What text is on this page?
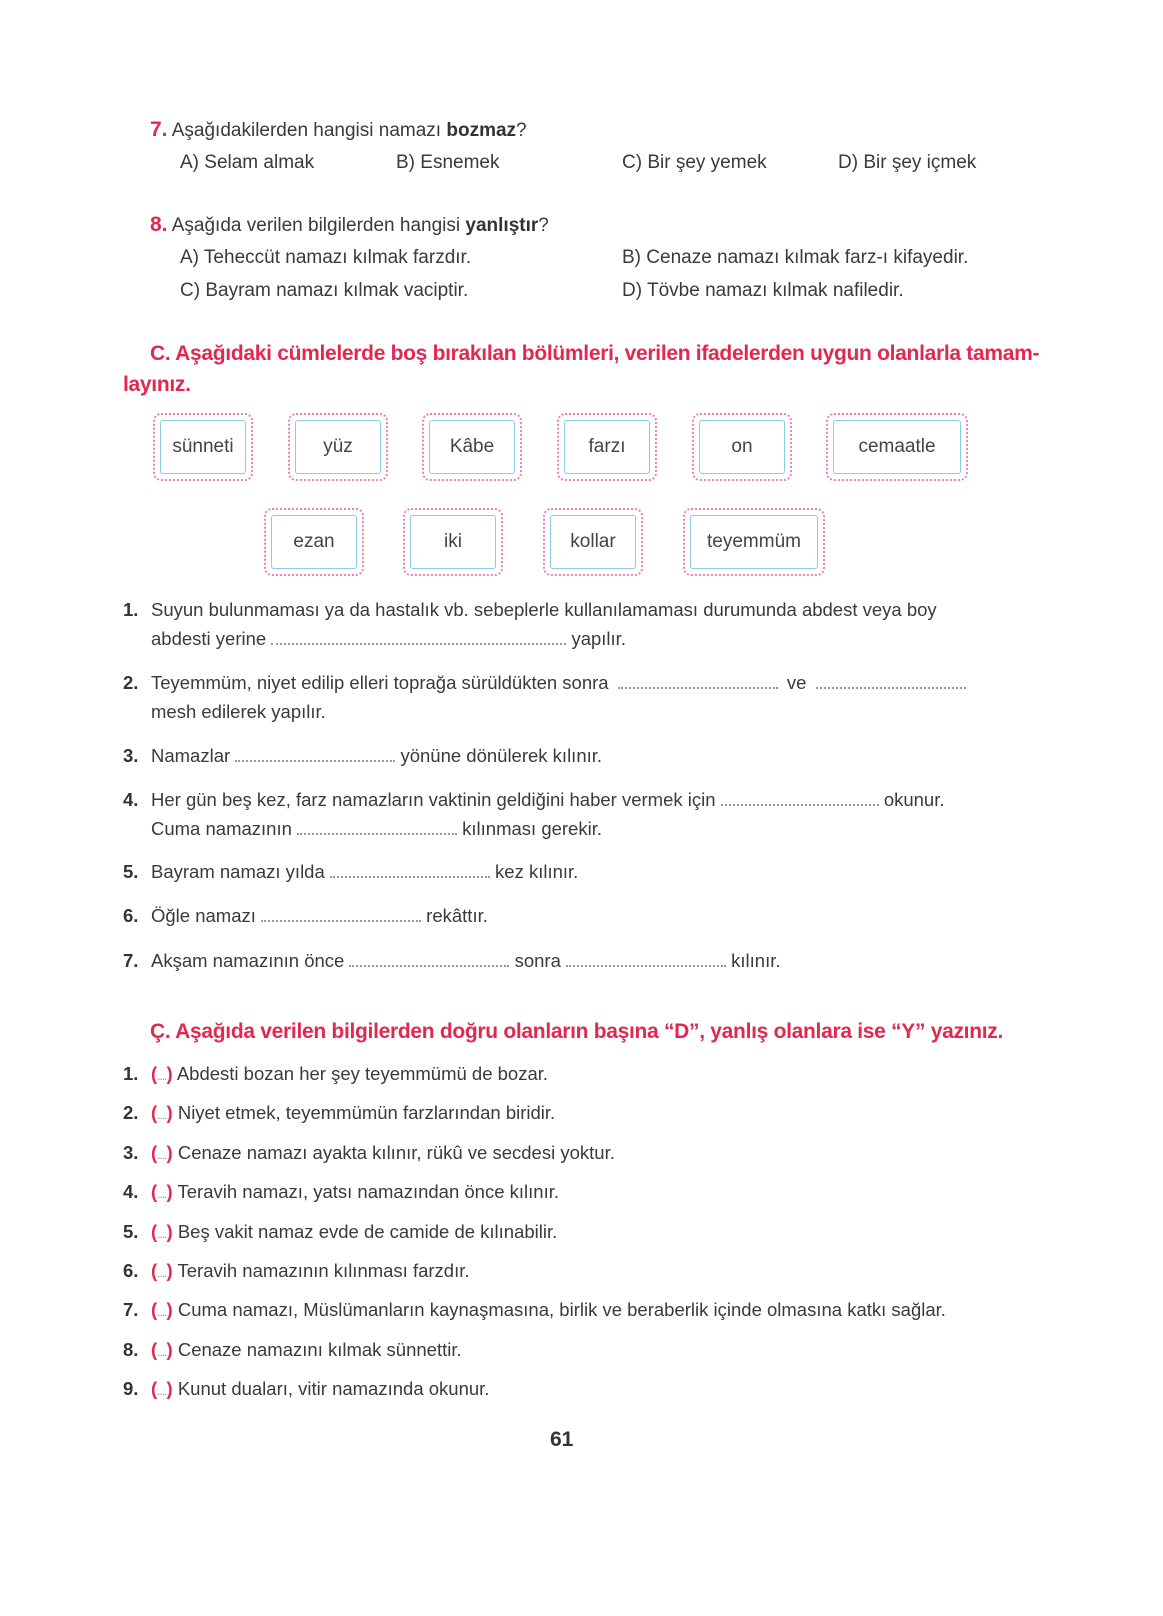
7. Aşağıdakilerden hangisi namazı bozmaz?
A) Selam almak	B) Esnemek	C) Bir şey yemek	D) Bir şey içmek
8. Aşağıda verilen bilgilerden hangisi yanlıştır?
A) Teheccüt namazı kılmak farzdır.	B) Cenaze namazı kılmak farz-ı kifayedir.
C) Bayram namazı kılmak vaciptir.	D) Tövbe namazı kılmak nafiledir.
C. Aşağıdaki cümlelerde boş bırakılan bölümleri, verilen ifadelerden uygun olanlarla tamam-
layınız.
sünneti	yüz	Kâbe	farzı	on	cemaatle
ezan	iki	kollar	teyemmüm
1. Suyun bulunmaması ya da hastalık vb. sebeplerle kullanılamaması durumunda abdest veya boy
abdesti yerine	yapılır.
2. Teyemmüm, niyet edilip elleri toprağa sürüldükten sonra	ve
mesh edilerek yapılır.
3. Namazlar	yönüne dönülerek kılınır.
4. Her gün beş kez, farz namazların vaktinin geldiğini haber vermek için	okunur.
Cuma namazının	kılınması gerekir.
5. Bayram namazı yılda	kez kılınır.
6. Öğle namazı	rekâttır.
7. Akşam namazının önce	sonra	kılınır.
Ç. Aşağıda verilen bilgilerden doğru olanların başına “D”, yanlış olanlara ise “Y” yazınız.
1. (....) Abdesti bozan her şey teyemmümü de bozar.
2. (....) Niyet etmek, teyemmümün farzlarından biridir.
3. (....) Cenaze namazı ayakta kılınır, rükû ve secdesi yoktur.
4. (....) Teravih namazı, yatsı namazından önce kılınır.
5. (....) Beş vakit namaz evde de camide de kılınabilir.
6. (....) Teravih namazının kılınması farzdır.
7. (....) Cuma namazı, Müslümanların kaynaşmasına, birlik ve beraberlik içinde olmasına katkı sağlar.
8. (....) Cenaze namazını kılmak sünnettir.
9. (....) Kunut duaları, vitir namazında okunur.
61
